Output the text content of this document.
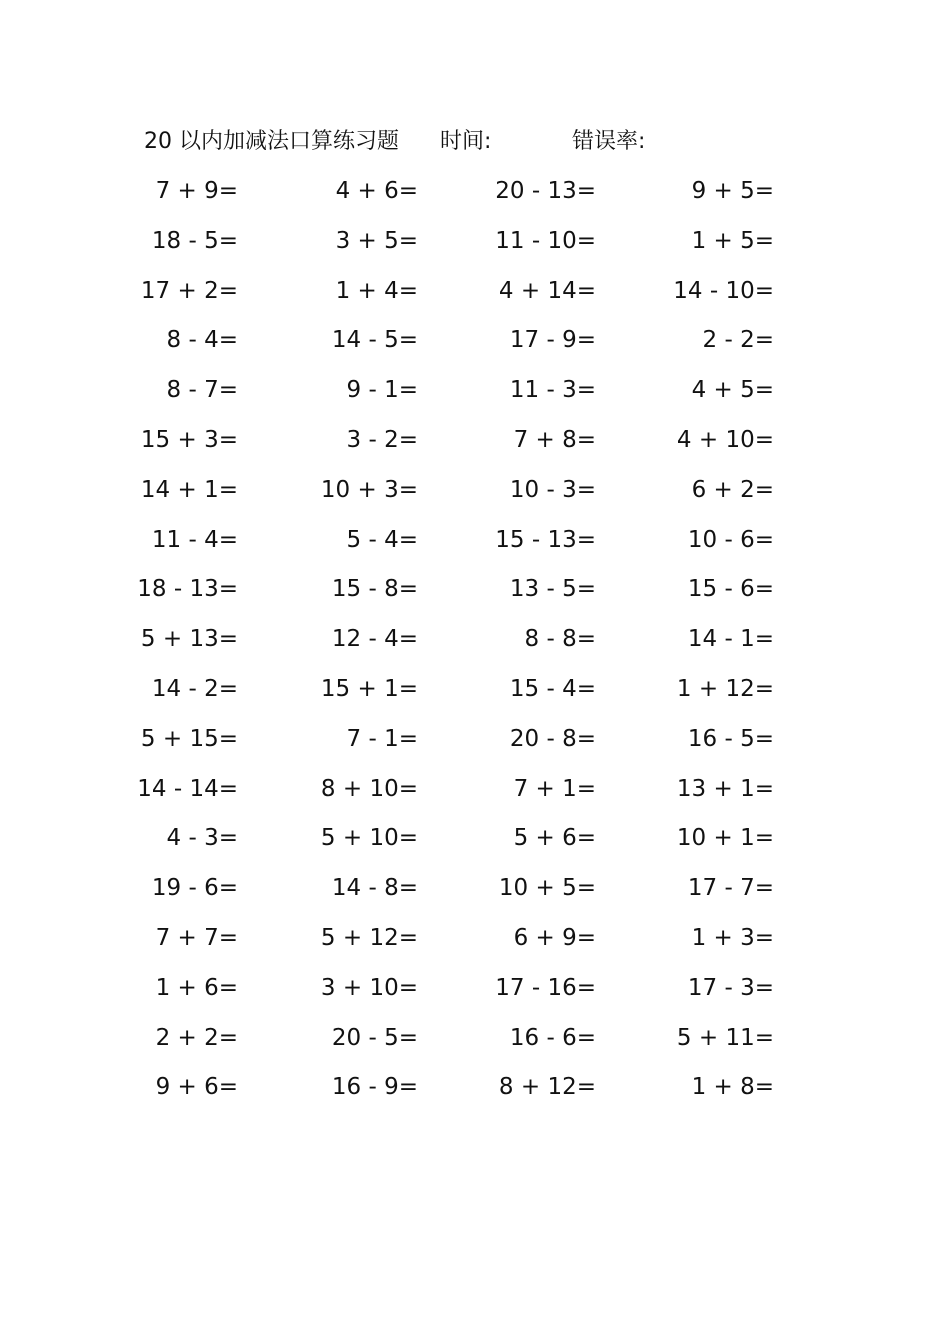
20 以内加减法口算练习题 时间:	错误率:
7 + 9=	4 + 6=	20 - 13=	9 + 5=
18 - 5=	3 + 5=	11 - 10=	1 + 5=
17 + 2=	1 + 4=	4 + 14=	14 - 10=
8 - 4=	14 - 5=	17 - 9=	2 - 2=
8 - 7=	9 - 1=	11 - 3=	4 + 5=
15 + 3=	3 - 2=	7 + 8=	4 + 10=
14 + 1=	10 + 3=	10 - 3=	6 + 2=
11 - 4=	5 - 4=	15 - 13=	10 - 6=
18 - 13=	15 - 8=	13 - 5=	15 - 6=
5 + 13=	12 - 4=	8 - 8=	14 - 1=
14 - 2=	15 + 1=	15 - 4=	1 + 12=
5 + 15=	7 - 1=	20 - 8=	16 - 5=
14 - 14=	8 + 10=	7 + 1=	13 + 1=
4 - 3=	5 + 10=	5 + 6=	10 + 1=
19 - 6=	14 - 8=	10 + 5=	17 - 7=
7 + 7=	5 + 12=	6 + 9=	1 + 3=
1 + 6=	3 + 10=	17 - 16=	17 - 3=
2 + 2=	20 - 5=	16 - 6=	5 + 11=
9 + 6=	16 - 9=	8 + 12=	1 + 8=
